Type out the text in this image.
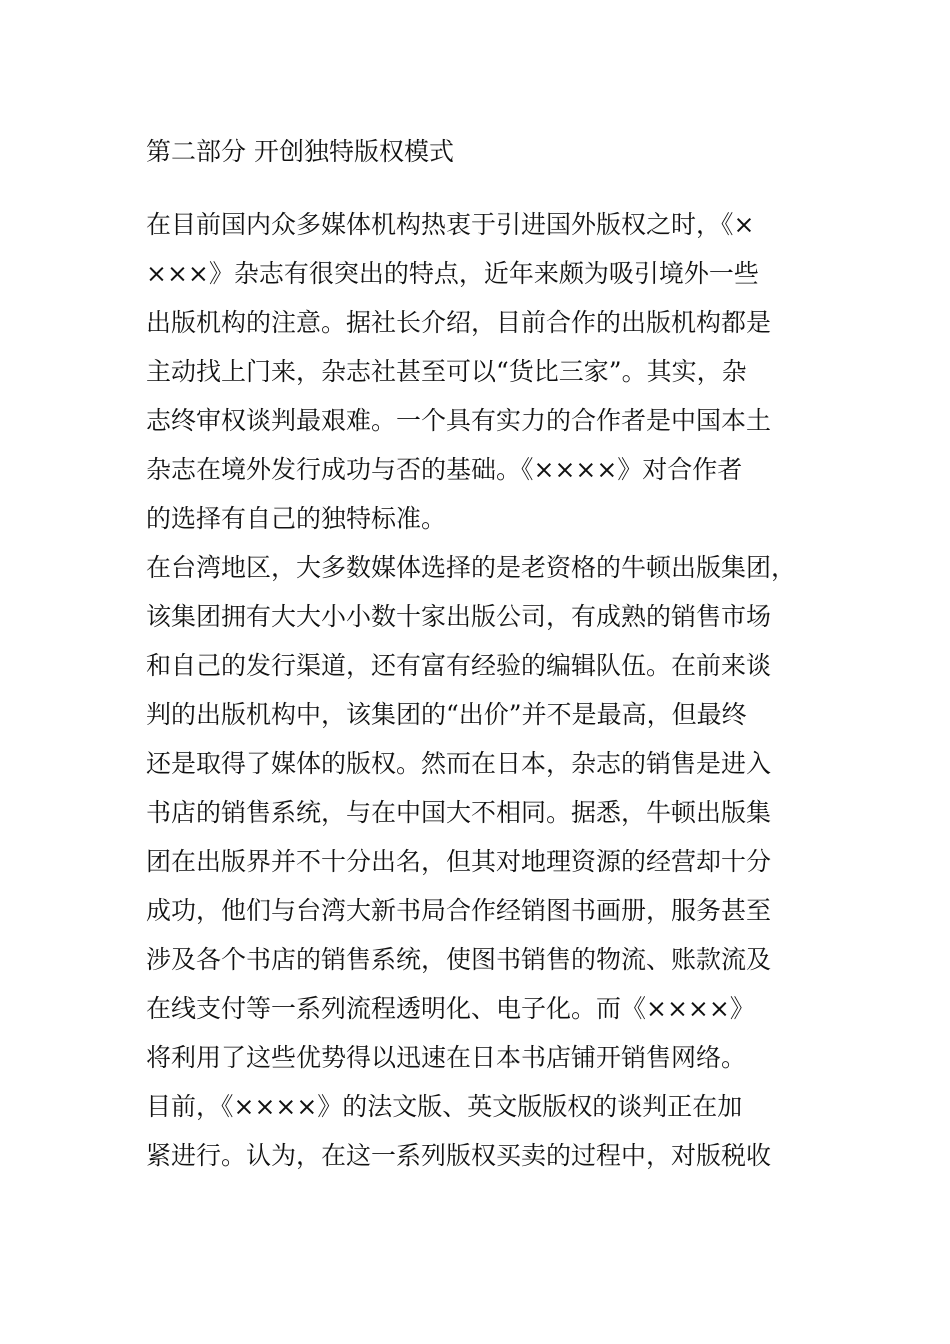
第二部分 开创独特版权模式
在目前国内众多媒体机构热衷于引进国外版权之时，《×
×××》杂志有很突出的特点，近年来颇为吸引境外一些
出版机构的注意。据社长介绍，目前合作的出版机构都是
主动找上门来，杂志社甚至可以“货比三家”。其实，杂
志终审权谈判最艰难。一个具有实力的合作者是中国本土
杂志在境外发行成功与否的基础。《××××》对合作者
的选择有自己的独特标准。
在台湾地区，大多数媒体选择的是老资格的牛顿出版集团，
该集团拥有大大小小数十家出版公司，有成熟的销售市场
和自己的发行渠道，还有富有经验的编辑队伍。在前来谈
判的出版机构中，该集团的“出价”并不是最高，但最终
还是取得了媒体的版权。然而在日本，杂志的销售是进入
书店的销售系统，与在中国大不相同。据悉，牛顿出版集
团在出版界并不十分出名，但其对地理资源的经营却十分
成功，他们与台湾大新书局合作经销图书画册，服务甚至
涉及各个书店的销售系统，使图书销售的物流、账款流及
在线支付等一系列流程透明化、电子化。而《××××》
将利用了这些优势得以迅速在日本书店铺开销售网络。
目前，《××××》的法文版、英文版版权的谈判正在加
紧进行。认为，在这一系列版权买卖的过程中，对版税收
